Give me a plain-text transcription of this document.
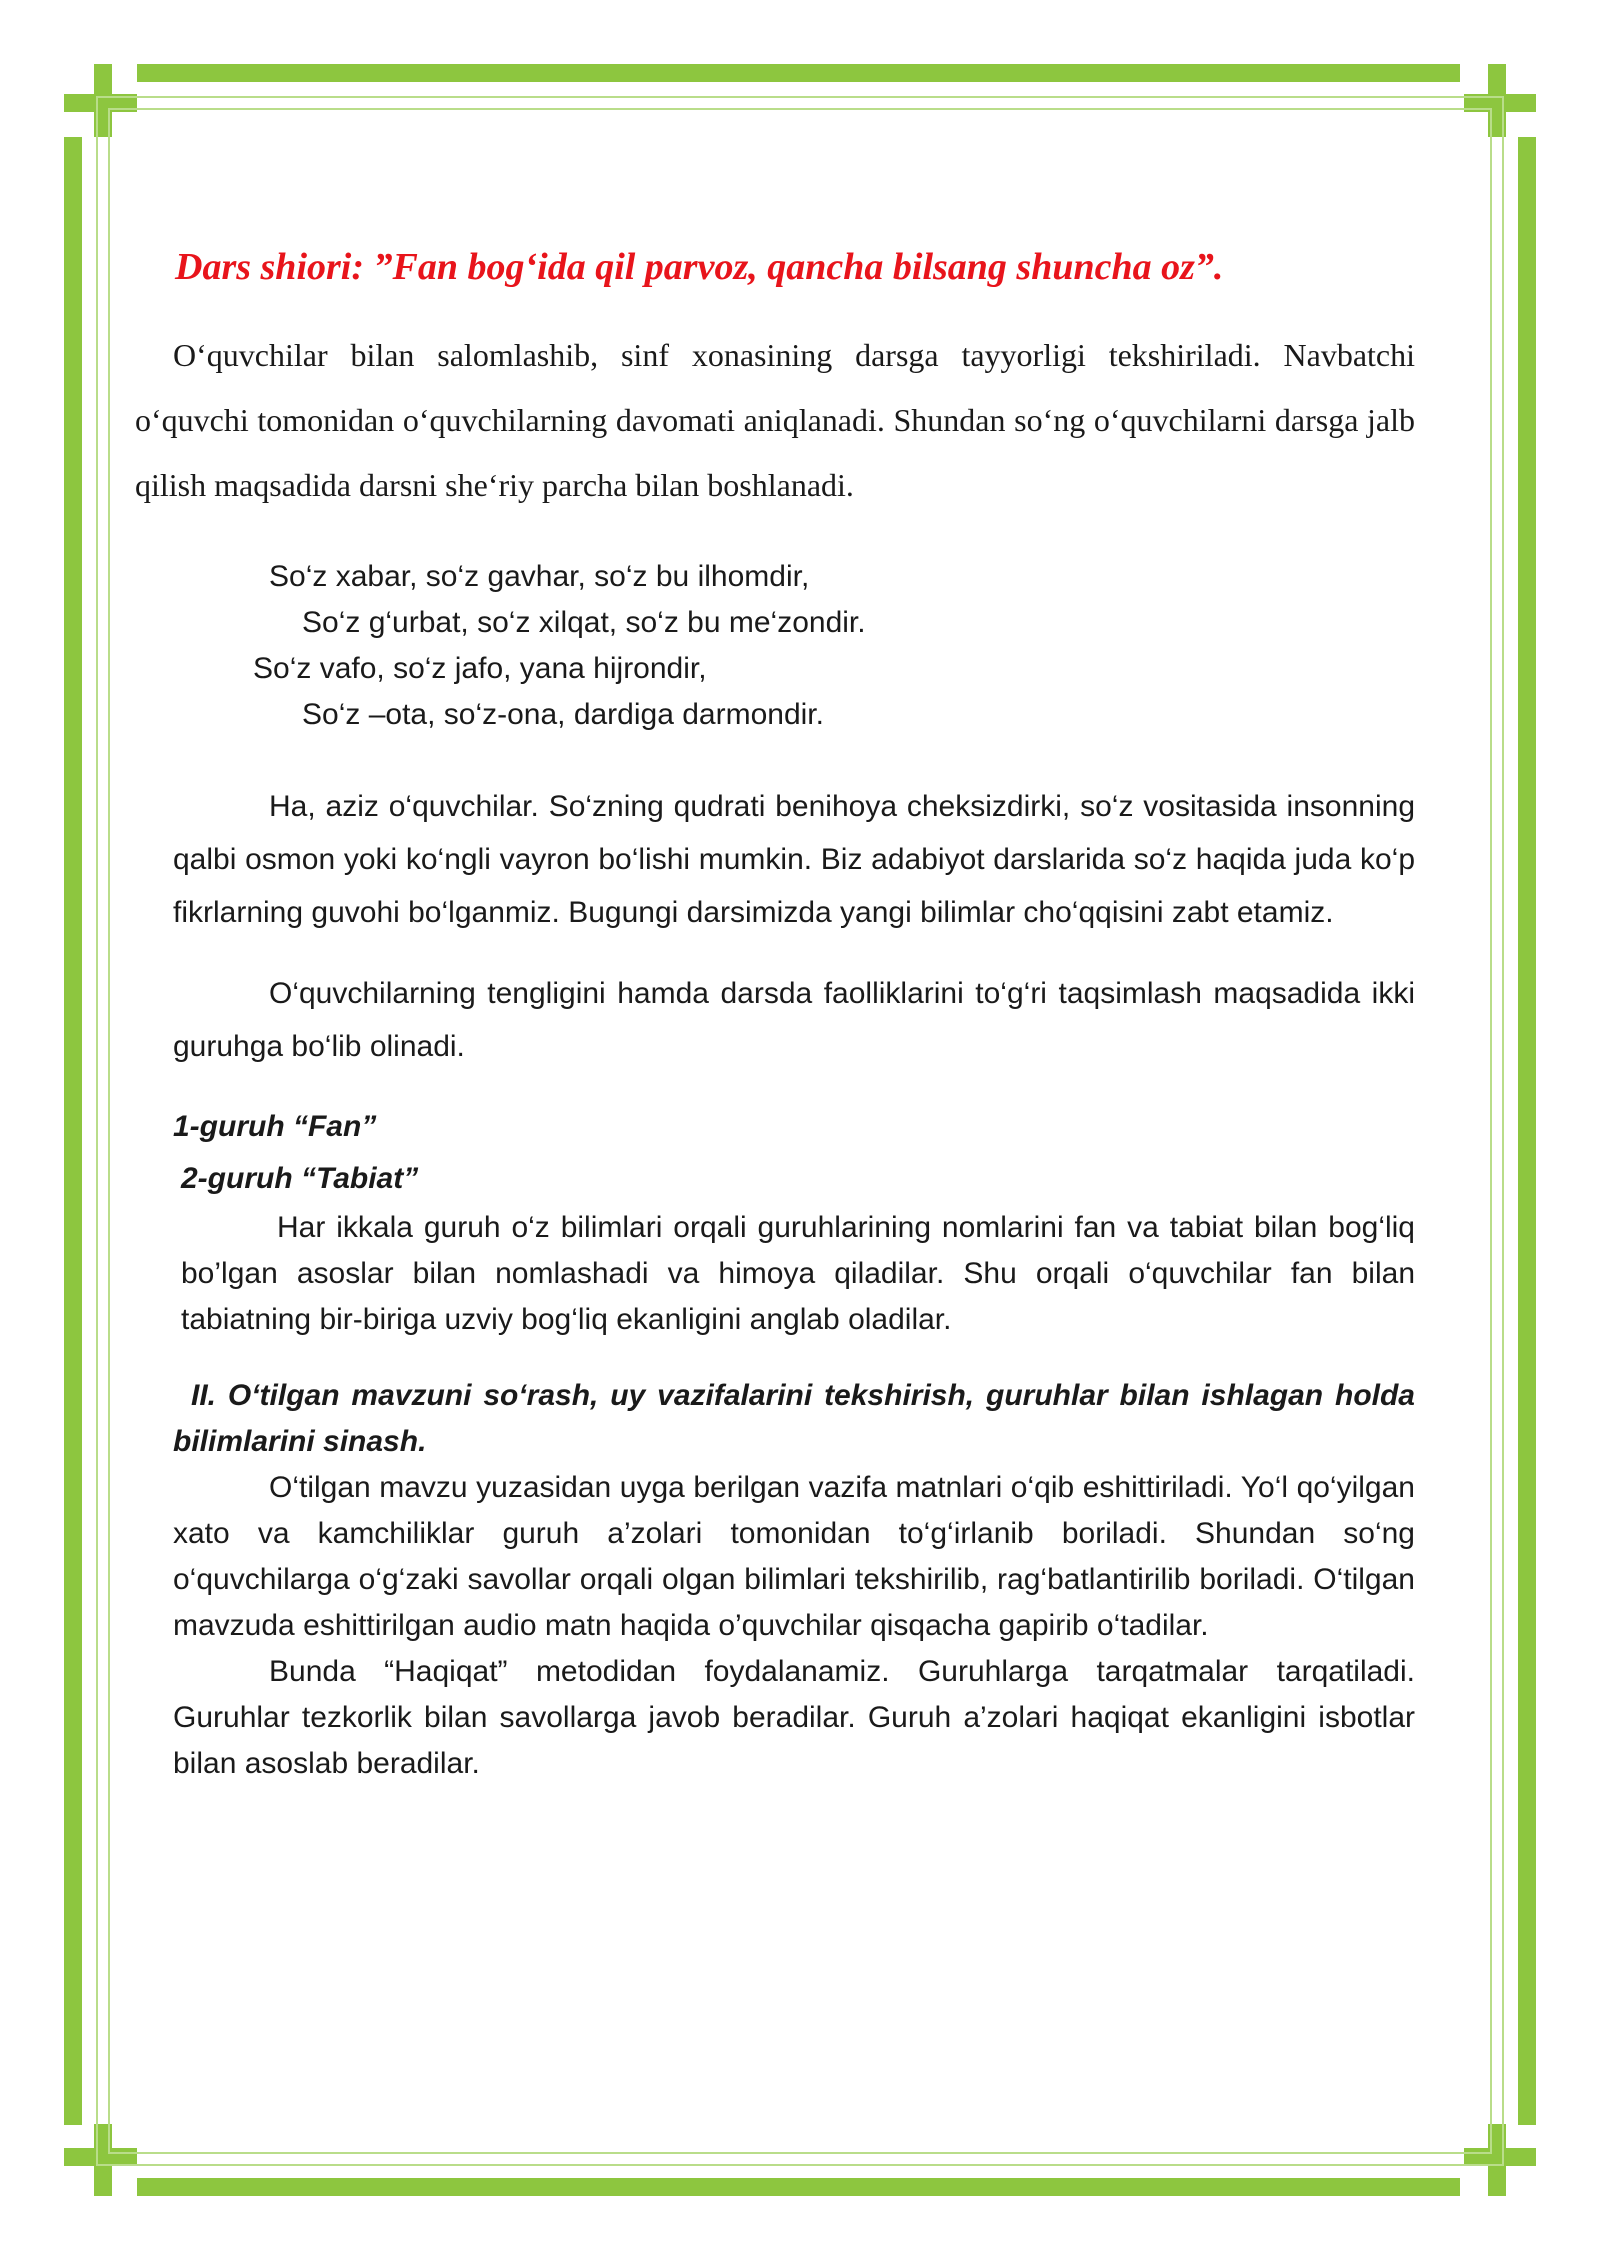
Dars shiori: ”Fan bog‘ida qil parvoz, qancha bilsang shuncha oz”.

O‘quvchilar bilan salomlashib, sinf xonasining darsga tayyorligi tekshiriladi. Navbatchi o‘quvchi tomonidan o‘quvchilarning davomati aniqlanadi. Shundan so‘ng o‘quvchilarni darsga jalb qilish maqsadida darsni she‘riy parcha bilan boshlanadi.

So‘z xabar, so‘z gavhar, so‘z bu ilhomdir,
So‘z g‘urbat, so‘z xilqat, so‘z bu me‘zondir.
So‘z vafo, so‘z jafo, yana hijrondir,
So‘z –ota, so‘z-ona, dardiga darmondir.

Ha, aziz o‘quvchilar. So‘zning qudrati benihoya cheksizdirki, so‘z vositasida insonning qalbi osmon yoki ko‘ngli vayron bo‘lishi mumkin. Biz adabiyot darslarida so‘z haqida juda ko‘p fikrlarning guvohi bo‘lganmiz. Bugungi darsimizda yangi bilimlar cho‘qqisini zabt etamiz.

O‘quvchilarning tengligini hamda darsda faolliklarini to‘g‘ri taqsimlash maqsadida ikki guruhga bo‘lib olinadi.

1-guruh “Fan”
2-guruh “Tabiat”

Har ikkala guruh o‘z bilimlari orqali guruhlarining nomlarini fan va tabiat bilan bog‘liq bo’lgan asoslar bilan nomlashadi va himoya qiladilar. Shu orqali o‘quvchilar fan bilan tabiatning bir-biriga uzviy bog‘liq ekanligini anglab oladilar.

II. O‘tilgan mavzuni so‘rash, uy vazifalarini tekshirish, guruhlar bilan ishlagan holda bilimlarini sinash.

O‘tilgan mavzu yuzasidan uyga berilgan vazifa matnlari o‘qib eshittiriladi. Yo‘l qo‘yilgan xato va kamchiliklar guruh a’zolari tomonidan to‘g‘irlanib boriladi. Shundan so‘ng o‘quvchilarga o‘g‘zaki savollar orqali olgan bilimlari tekshirilib, rag‘batlantirilib boriladi. O‘tilgan mavzuda eshittirilgan audio matn haqida o’quvchilar qisqacha gapirib o‘tadilar.

Bunda “Haqiqat” metodidan foydalanamiz. Guruhlarga tarqatmalar tarqatiladi. Guruhlar tezkorlik bilan savollarga javob beradilar. Guruh a’zolari haqiqat ekanligini isbotlar bilan asoslab beradilar.
